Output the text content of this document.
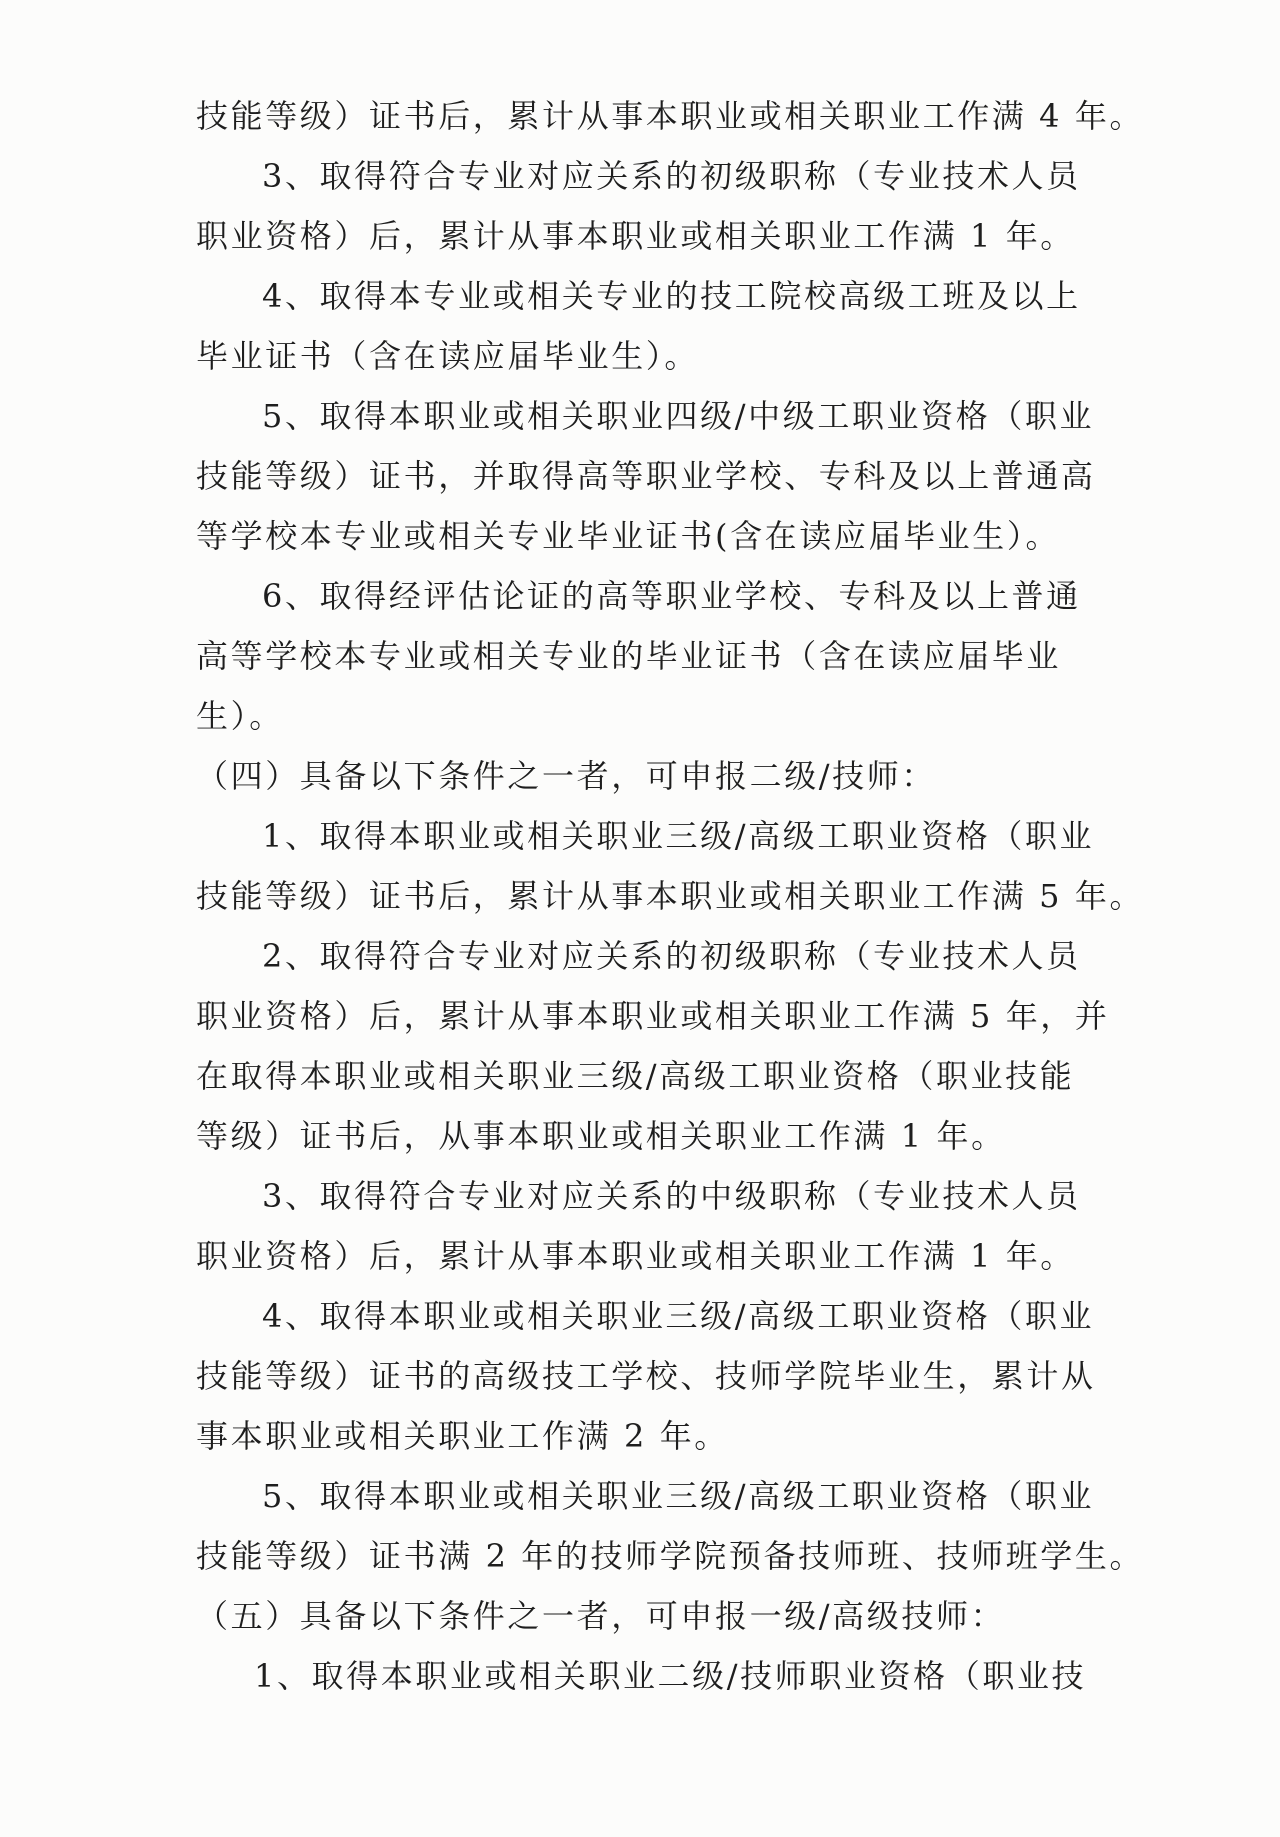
技能等级）证书后，累计从事本职业或相关职业工作满 4 年。

3、取得符合专业对应关系的初级职称（专业技术人员
职业资格）后，累计从事本职业或相关职业工作满 1 年。

4、取得本专业或相关专业的技工院校高级工班及以上
毕业证书（含在读应届毕业生）。

5、取得本职业或相关职业四级/中级工职业资格（职业
技能等级）证书，并取得高等职业学校、专科及以上普通高
等学校本专业或相关专业毕业证书(含在读应届毕业生）。

6、取得经评估论证的高等职业学校、专科及以上普通
高等学校本专业或相关专业的毕业证书（含在读应届毕业
生）。

（四）具备以下条件之一者，可申报二级/技师：

1、取得本职业或相关职业三级/高级工职业资格（职业
技能等级）证书后，累计从事本职业或相关职业工作满 5 年。

2、取得符合专业对应关系的初级职称（专业技术人员
职业资格）后，累计从事本职业或相关职业工作满 5 年，并
在取得本职业或相关职业三级/高级工职业资格（职业技能
等级）证书后，从事本职业或相关职业工作满 1 年。

3、取得符合专业对应关系的中级职称（专业技术人员
职业资格）后，累计从事本职业或相关职业工作满 1 年。

4、取得本职业或相关职业三级/高级工职业资格（职业
技能等级）证书的高级技工学校、技师学院毕业生，累计从
事本职业或相关职业工作满 2 年。

5、取得本职业或相关职业三级/高级工职业资格（职业
技能等级）证书满 2 年的技师学院预备技师班、技师班学生。

（五）具备以下条件之一者，可申报一级/高级技师：

1、取得本职业或相关职业二级/技师职业资格（职业技
